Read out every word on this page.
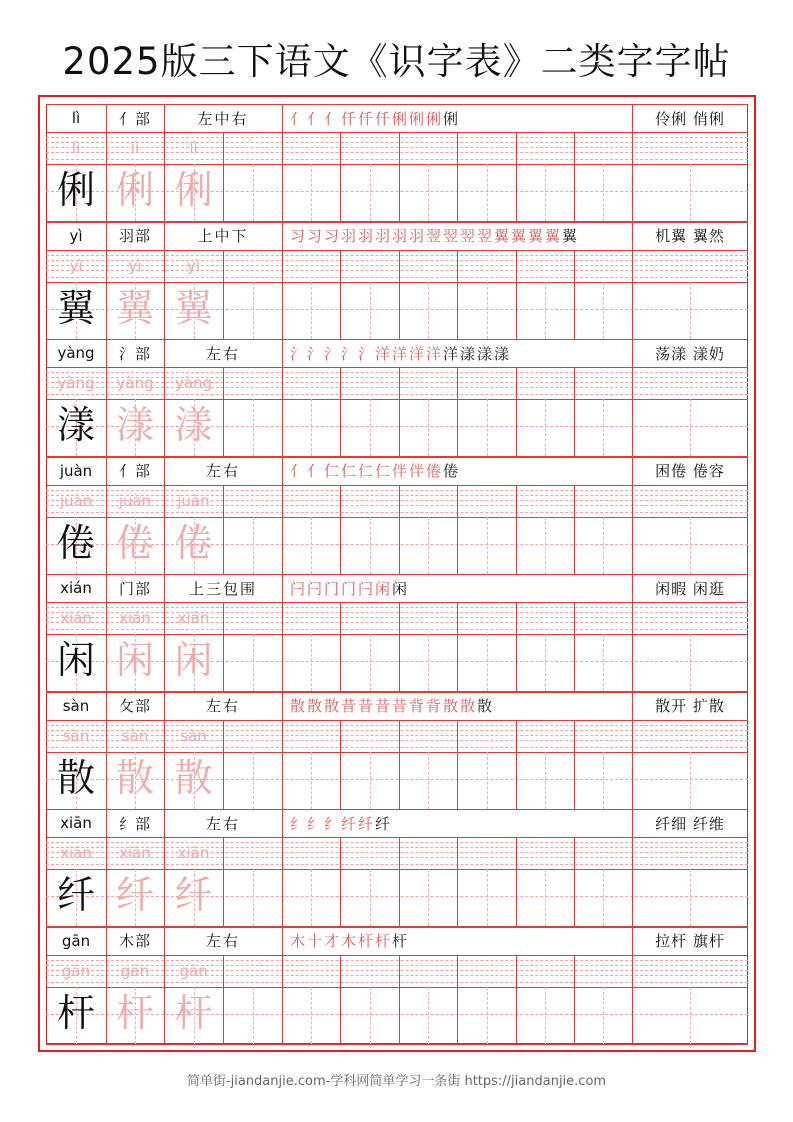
2025版三下语文《识字表》二类字字帖
lì	亻部	左中右	亻亻亻仟仟仟俐俐俐 俐	伶俐 俏俐
lì	lì	lì
俐 俐 俐
yì	羽部	上中下	习习习羽羽羽羽羽翌翌翌翌翼翼翼翼 翼	机翼 翼然
yì	yì	yì
翼 翼 翼
yàng	氵部	左右	氵氵氵氵氵洋洋洋洋 洋漾漾漾	荡漾 漾奶
yàng	yàng	yàng
漾 漾 漾
juàn	亻部	左右	亻亻仁仁仁仁伴伴倦 倦	困倦 倦容
juàn	juàn	juàn
倦 倦 倦
xián	门部	上三包围	闩闩门门闩闲 闲	闲暇 闲逛
xián	xián	xián
闲 闲 闲
sàn	攵部	左右	散散散昔昔昔昔背背散散 散	散开 扩散
sàn	sàn	sàn
散 散 散
xiān	纟部	左右	纟纟纟纤纤 纤	纤细 纤维
xiān	xiān	xiān
纤 纤 纤
gān	木部	左右	木十才木杆杆 杆	拉杆 旗杆
gān	gān	gān
杆 杆 杆
简单街-jiandanjie.com-学科网简单学习一条街 https://jiandanjie.com
